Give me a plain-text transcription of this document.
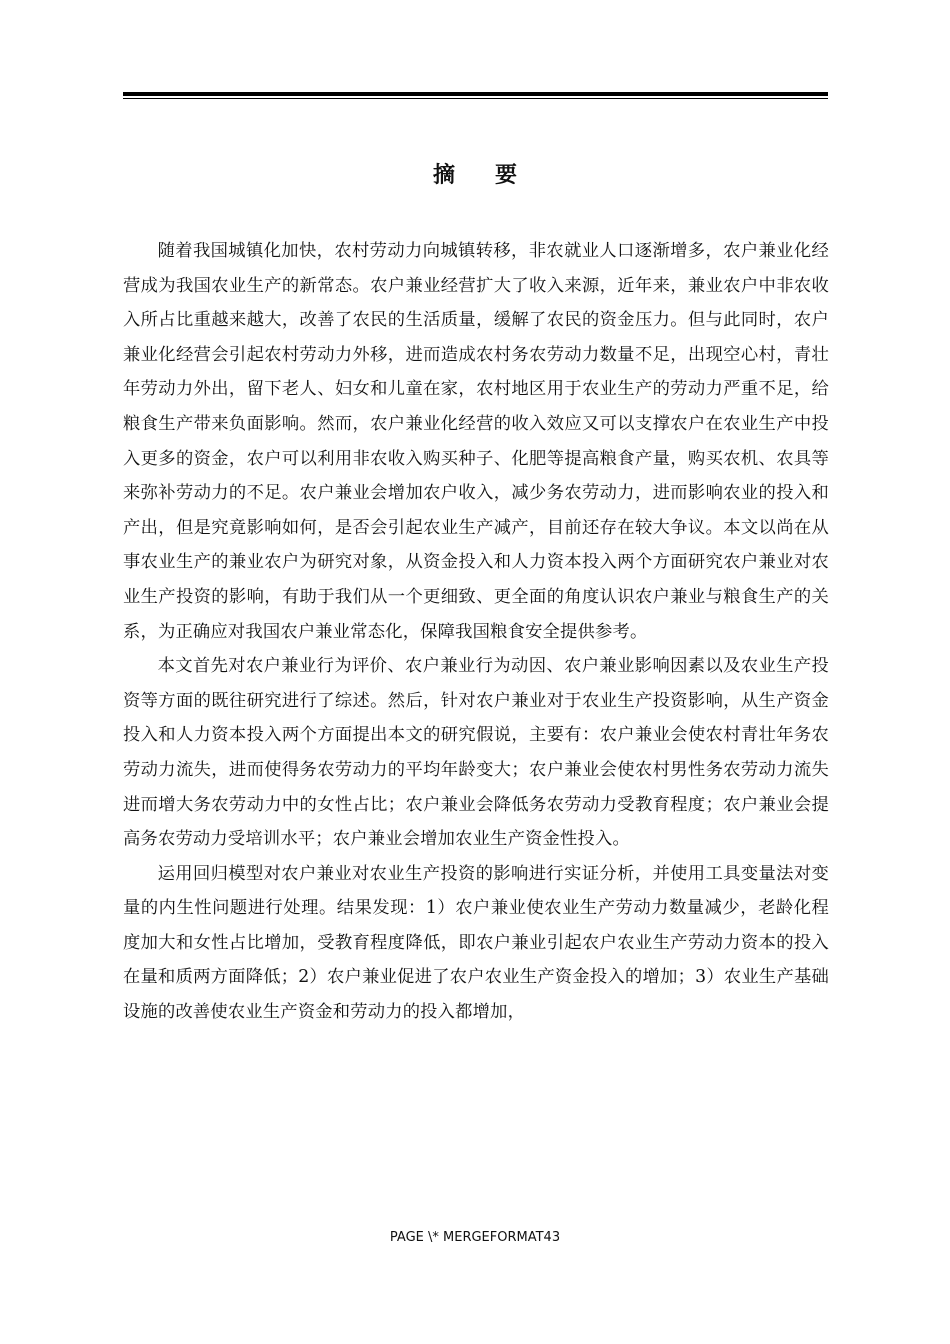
摘要

随着我国城镇化加快，农村劳动力向城镇转移，非农就业人口逐渐增多，农户兼业化经营成为我国农业生产的新常态。农户兼业经营扩大了收入来源，近年来，兼业农户中非农收入所占比重越来越大，改善了农民的生活质量，缓解了农民的资金压力。但与此同时，农户兼业化经营会引起农村劳动力外移，进而造成农村务农劳动力数量不足，出现空心村，青壮年劳动力外出，留下老人、妇女和儿童在家，农村地区用于农业生产的劳动力严重不足，给粮食生产带来负面影响。然而，农户兼业化经营的收入效应又可以支撑农户在农业生产中投入更多的资金，农户可以利用非农收入购买种子、化肥等提高粮食产量，购买农机、农具等来弥补劳动力的不足。农户兼业会增加农户收入，减少务农劳动力，进而影响农业的投入和产出，但是究竟影响如何，是否会引起农业生产减产，目前还存在较大争议。本文以尚在从事农业生产的兼业农户为研究对象，从资金投入和人力资本投入两个方面研究农户兼业对农业生产投资的影响，有助于我们从一个更细致、更全面的角度认识农户兼业与粮食生产的关系，为正确应对我国农户兼业常态化，保障我国粮食安全提供参考。

本文首先对农户兼业行为评价、农户兼业行为动因、农户兼业影响因素以及农业生产投资等方面的既往研究进行了综述。然后，针对农户兼业对于农业生产投资影响，从生产资金投入和人力资本投入两个方面提出本文的研究假说，主要有：农户兼业会使农村青壮年务农劳动力流失，进而使得务农劳动力的平均年龄变大；农户兼业会使农村男性务农劳动力流失进而增大务农劳动力中的女性占比；农户兼业会降低务农劳动力受教育程度；农户兼业会提高务农劳动力受培训水平；农户兼业会增加农业生产资金性投入。

运用回归模型对农户兼业对农业生产投资的影响进行实证分析，并使用工具变量法对变量的内生性问题进行处理。结果发现：1）农户兼业使农业生产劳动力数量减少，老龄化程度加大和女性占比增加，受教育程度降低，即农户兼业引起农户农业生产劳动力资本的投入在量和质两方面降低；2）农户兼业促进了农户农业生产资金投入的增加；3）农业生产基础设施的改善使农业生产资金和劳动力的投入都增加，

PAGE \* MERGEFORMAT43
